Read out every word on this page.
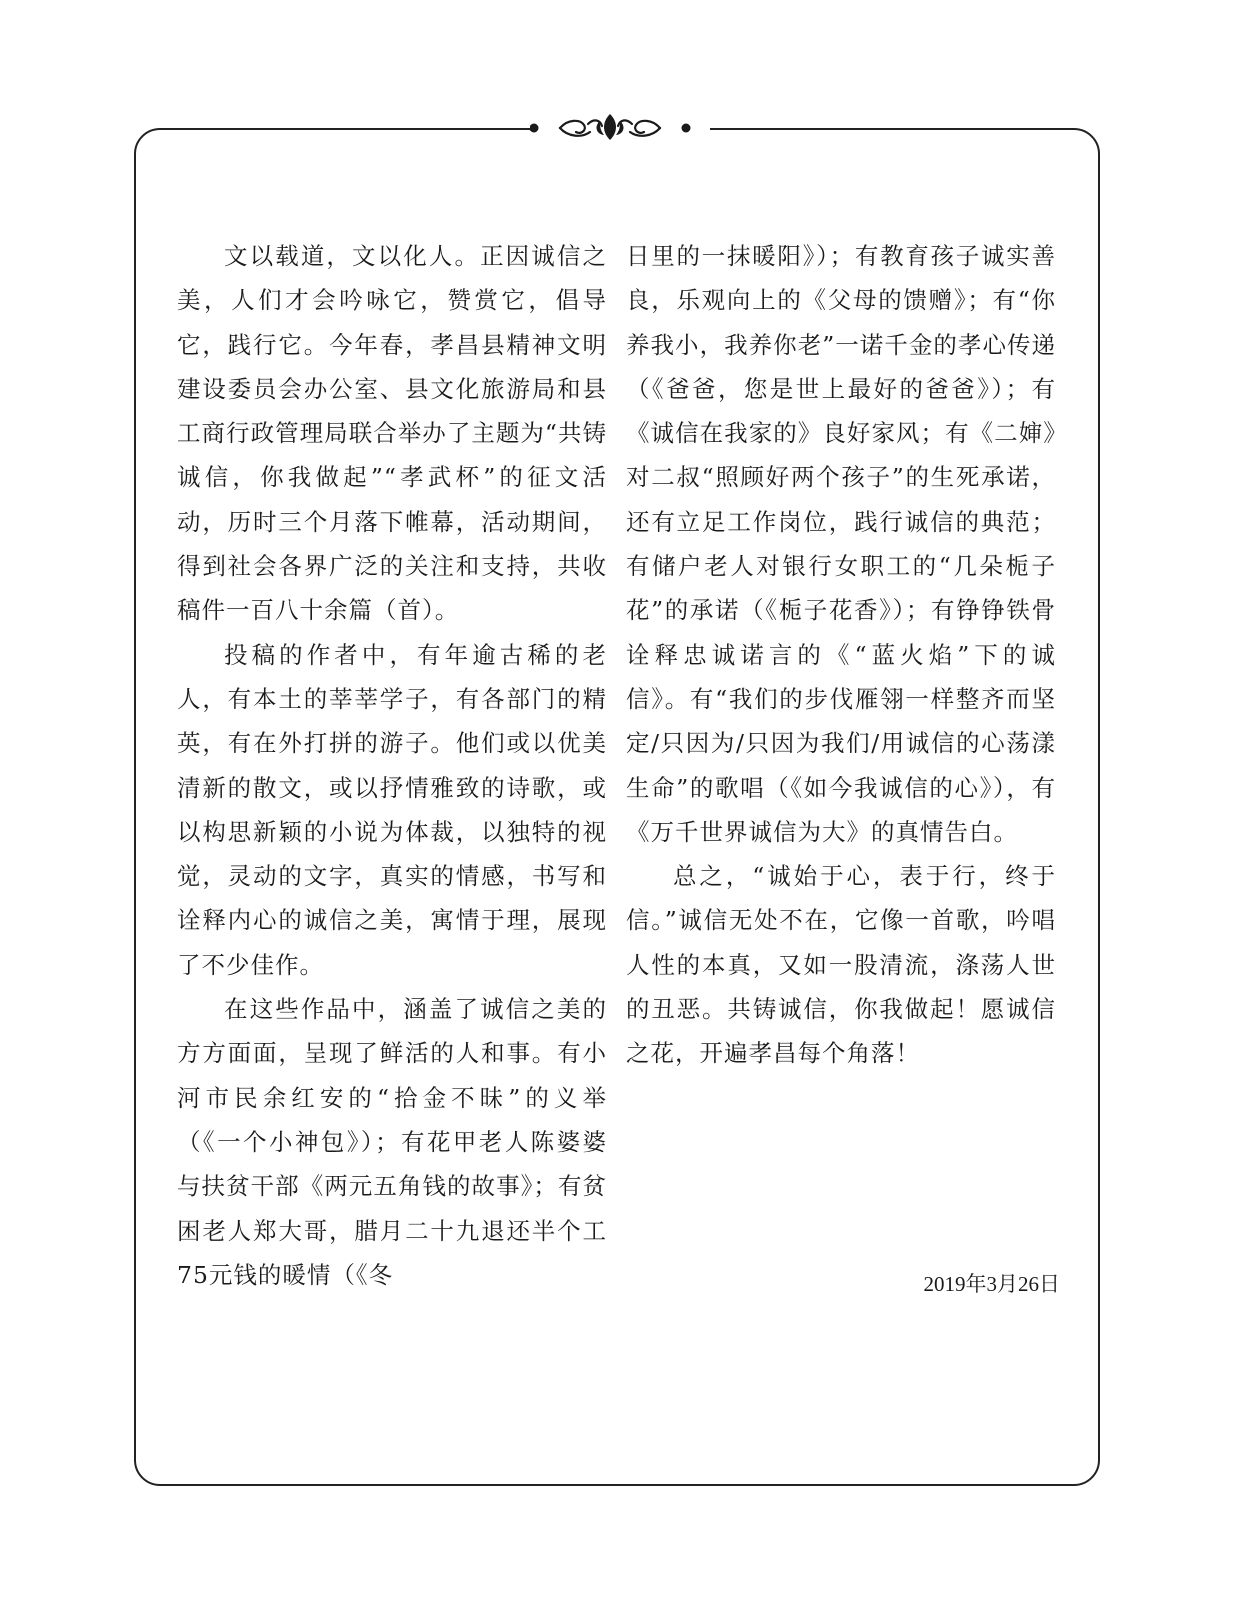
文以载道，文以化人。正因诚信之美，人们才会吟咏它，赞赏它，倡导它，践行它。今年春，孝昌县精神文明建设委员会办公室、县文化旅游局和县工商行政管理局联合举办了主题为“共铸诚信，你我做起”“孝武杯”的征文活动，历时三个月落下帷幕，活动期间，得到社会各界广泛的关注和支持，共收稿件一百八十余篇（首）。

投稿的作者中，有年逾古稀的老人，有本土的莘莘学子，有各部门的精英，有在外打拼的游子。他们或以优美清新的散文，或以抒情雅致的诗歌，或以构思新颖的小说为体裁，以独特的视觉，灵动的文字，真实的情感，书写和诠释内心的诚信之美，寓情于理，展现了不少佳作。

在这些作品中，涵盖了诚信之美的方方面面，呈现了鲜活的人和事。有小河市民余红安的“拾金不昧”的义举（《一个小神包》）；有花甲老人陈婆婆与扶贫干部《两元五角钱的故事》；有贫困老人郑大哥，腊月二十九退还半个工75元钱的暖情（《冬

日里的一抹暖阳》）；有教育孩子诚实善良，乐观向上的《父母的馈赠》；有“你养我小，我养你老”一诺千金的孝心传递（《爸爸，您是世上最好的爸爸》）；有《诚信在我家的》良好家风；有《二婶》对二叔“照顾好两个孩子”的生死承诺，还有立足工作岗位，践行诚信的典范；有储户老人对银行女职工的“几朵栀子花”的承诺（《栀子花香》）；有铮铮铁骨诠释忠诚诺言的《“蓝火焰”下的诚信》。有“我们的步伐雁翎一样整齐而坚定/只因为/只因为我们/用诚信的心荡漾生命”的歌唱（《如今我诚信的心》），有《万千世界诚信为大》的真情告白。

总之，“诚始于心，表于行，终于信。”诚信无处不在，它像一首歌，吟唱人性的本真，又如一股清流，涤荡人世的丑恶。共铸诚信，你我做起！愿诚信之花，开遍孝昌每个角落！

2019年3月26日
